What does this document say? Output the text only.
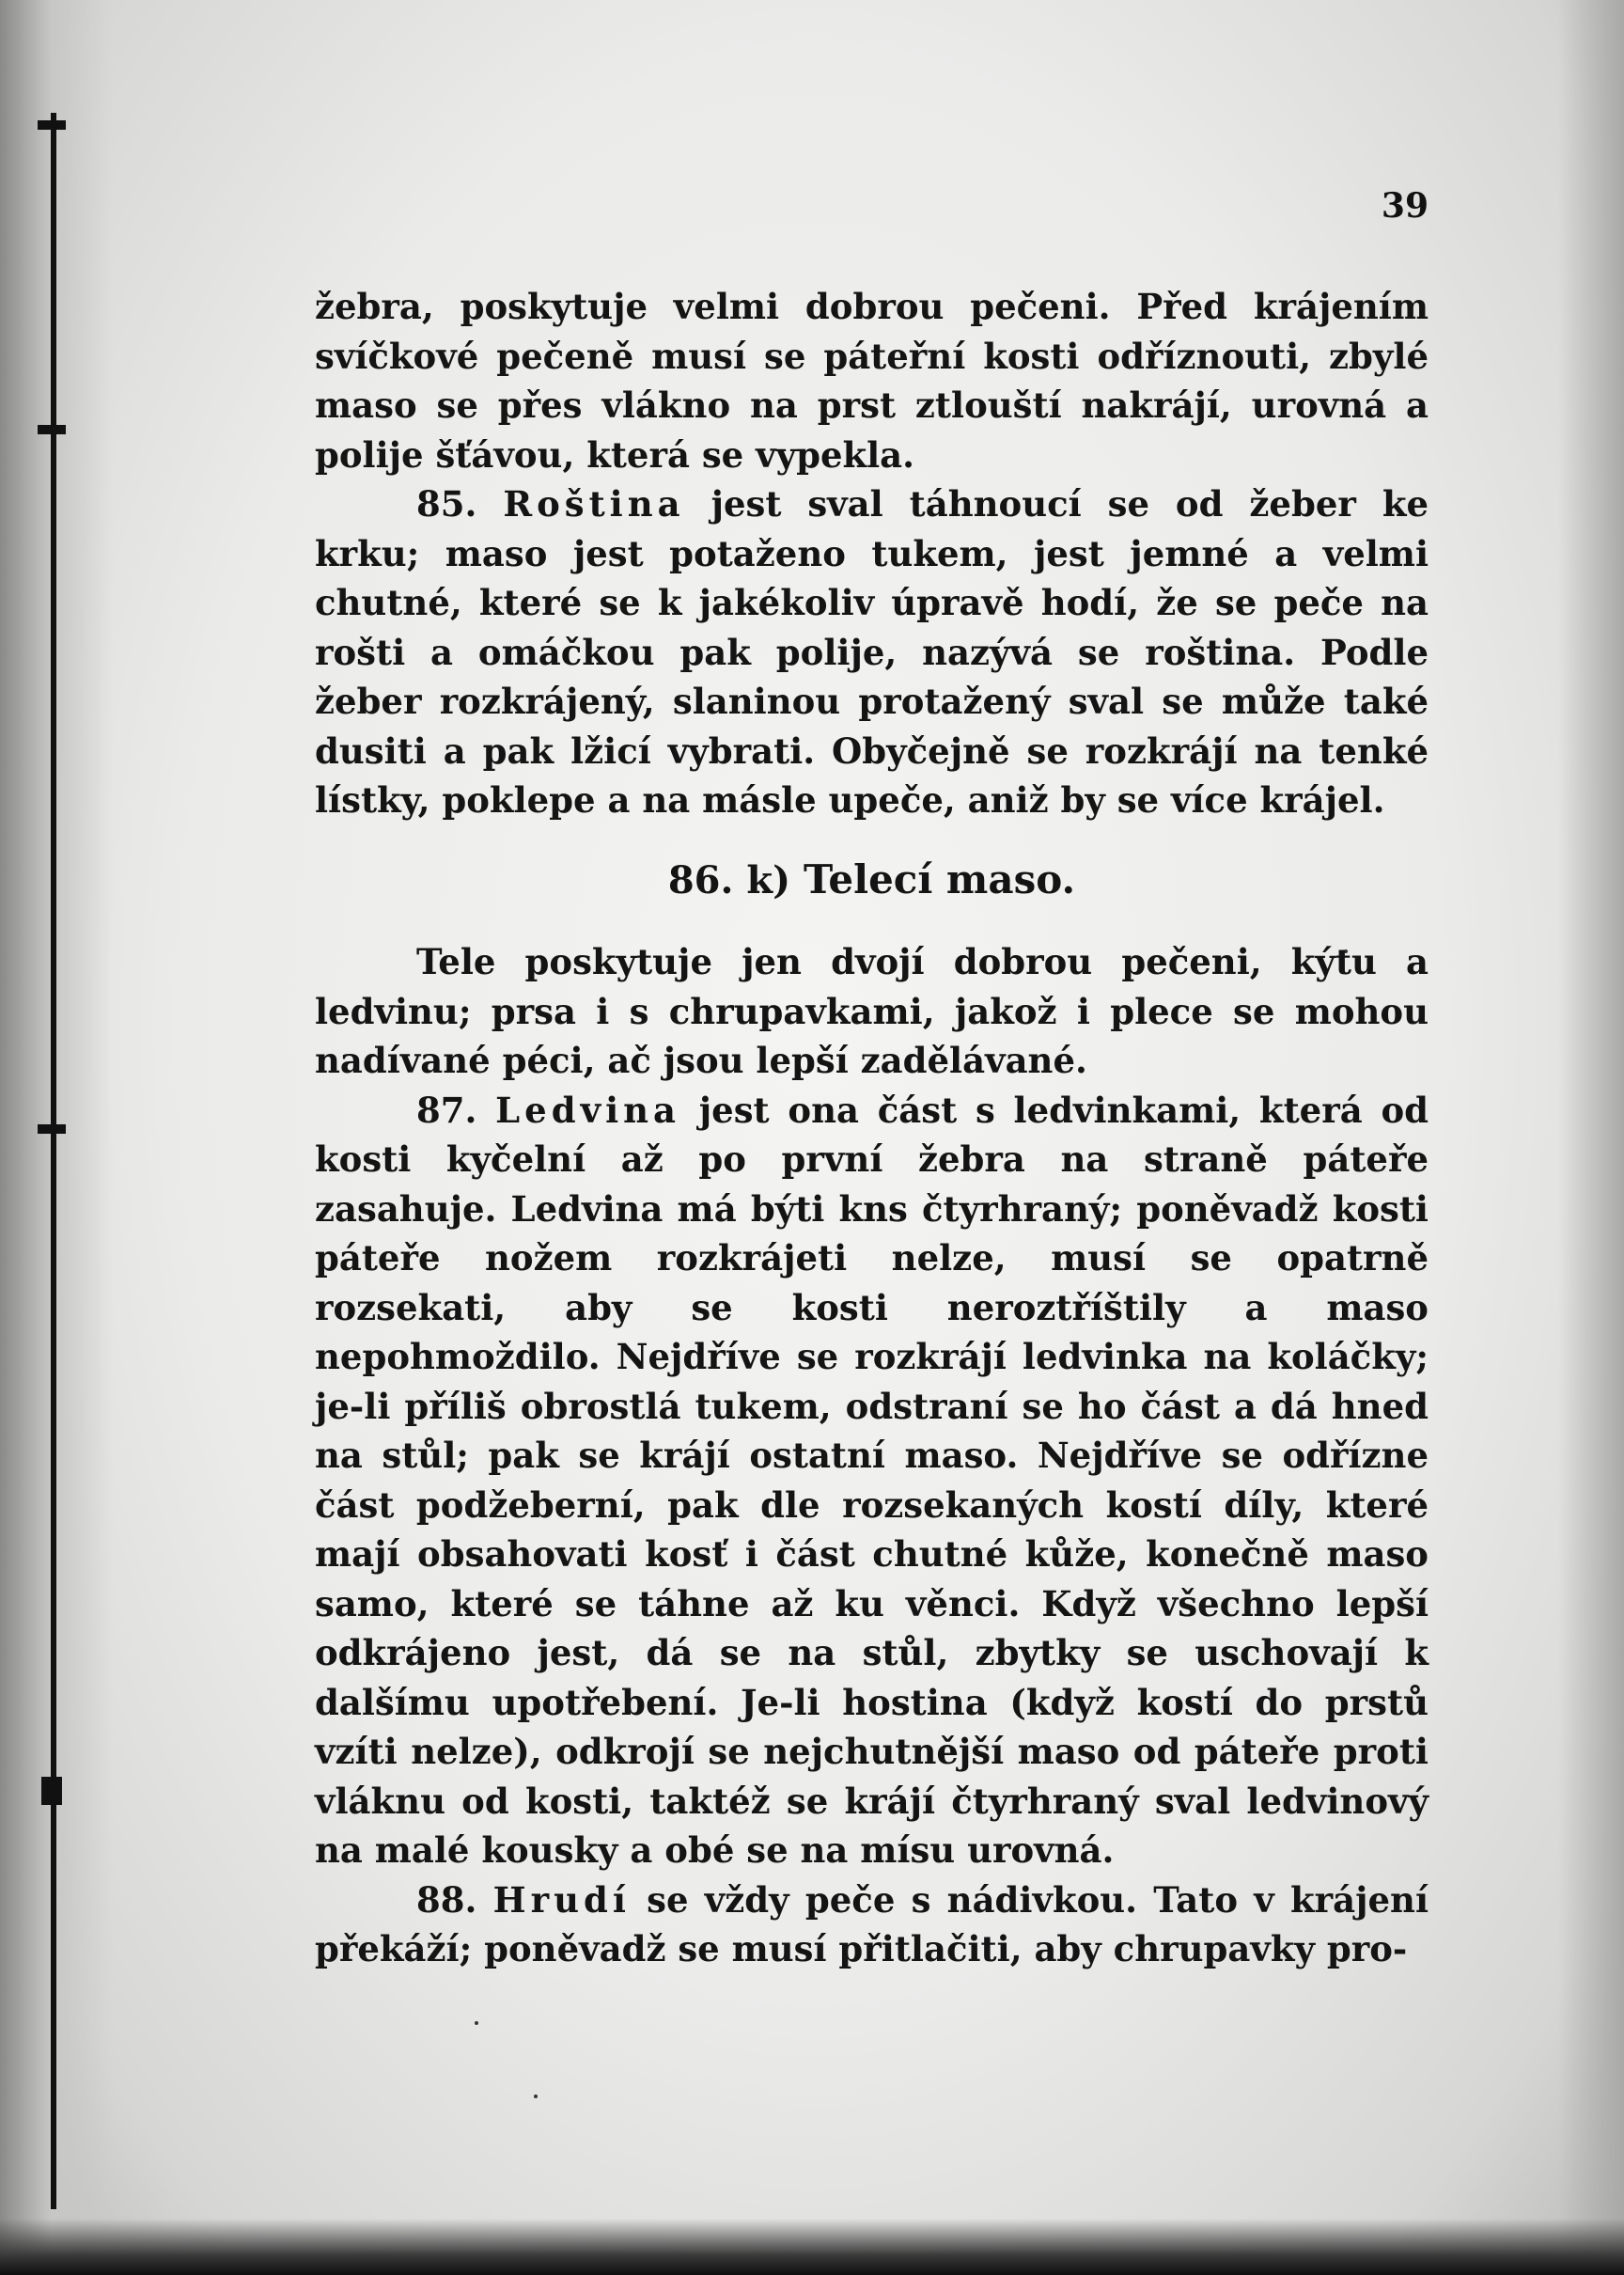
39

žebra, poskytuje velmi dobrou pečeni. Před krájením svíčkové pečeně musí se páteřní kosti odříznouti, zbylé maso se přes vlákno na prst ztlouští nakrájí, urovná a polije šťávou, která se vypekla.

85. Roština jest sval táhnoucí se od žeber ke krku; maso jest potaženo tukem, jest jemné a velmi chutné, které se k jakékoliv úpravě hodí, že se peče na rošti a omáčkou pak polije, nazývá se roština. Podle žeber rozkrájený, slaninou protažený sval se může také dusiti a pak lžicí vybrati. Obyčejně se rozkrájí na tenké lístky, poklepe a na másle upeče, aniž by se více krájel.

86. k) Telecí maso.

Tele poskytuje jen dvojí dobrou pečeni, kýtu a ledvinu; prsa i s chrupavkami, jakož i plece se mohou nadívané péci, ač jsou lepší zadělávané.

87. Ledvina jest ona část s ledvinkami, která od kosti kyčelní až po první žebra na straně páteře zasahuje. Ledvina má býti kns čtyrhraný; poněvadž kosti páteře nožem rozkrájeti nelze, musí se opatrně rozsekati, aby se kosti neroztříštily a maso nepohmoždilo. Nejdříve se rozkrájí ledvinka na koláčky; je-li příliš obrostlá tukem, odstraní se ho část a dá hned na stůl; pak se krájí ostatní maso. Nejdříve se odřízne část podžeberní, pak dle rozsekaných kostí díly, které mají obsahovati kosť i část chutné kůže, konečně maso samo, které se táhne až ku věnci. Když všechno lepší odkrájeno jest, dá se na stůl, zbytky se uschovají k dalšímu upotřebení. Je-li hostina (když kostí do prstů vzíti nelze), odkrojí se nejchutnější maso od páteře proti vláknu od kosti, taktéž se krájí čtyrhraný sval ledvinový na malé kousky a obé se na mísu urovná.

88. Hrudí se vždy peče s nádivkou. Tato v krájení překáží; poněvadž se musí přitlačiti, aby chrupavky pro-
